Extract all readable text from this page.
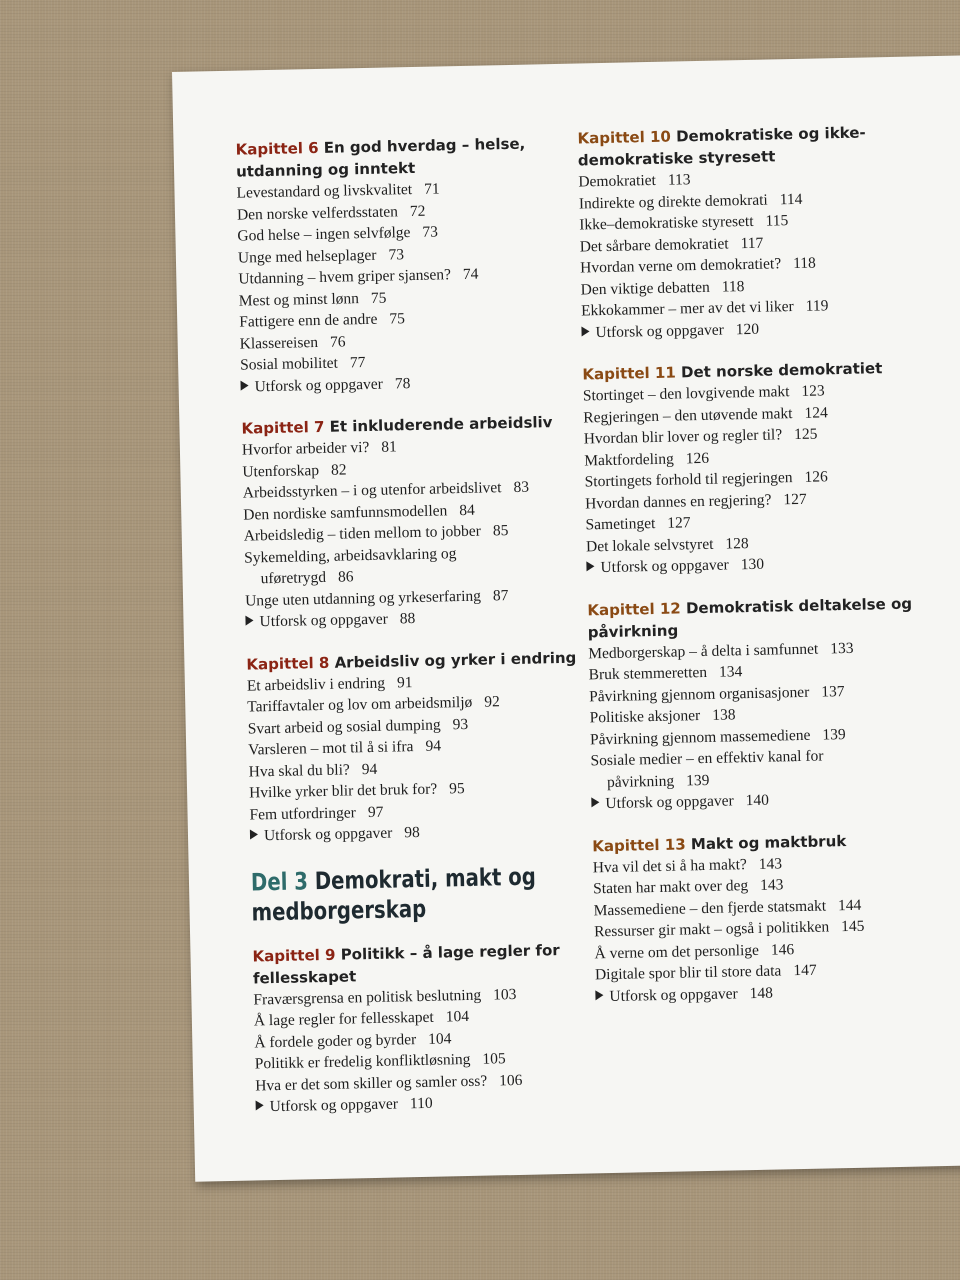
Kapittel 6 En god hverdag – helse, utdanning og inntekt

Levestandard og livskvalitet 71

Den norske velferdsstaten 72

God helse – ingen selvfølge 73

Unge med helseplager 73

Utdanning – hvem griper sjansen? 74

Mest og minst lønn 75

Fattigere enn de andre 75

Klassereisen 76

Sosial mobilitet 77

Utforsk og oppgaver 78

Kapittel 7 Et inkluderende arbeidsliv

Hvorfor arbeider vi? 81

Utenforskap 82

Arbeidsstyrken – i og utenfor arbeidslivet 83

Den nordiske samfunnsmodellen 84

Arbeidsledig – tiden mellom to jobber 85

Sykemelding, arbeidsavklaring og

uføretrygd 86

Unge uten utdanning og yrkeserfaring 87

Utforsk og oppgaver 88

Kapittel 8 Arbeidsliv og yrker i endring

Et arbeidsliv i endring 91

Tariffavtaler og lov om arbeidsmiljø 92

Svart arbeid og sosial dumping 93

Varsleren – mot til å si ifra 94

Hva skal du bli? 94

Hvilke yrker blir det bruk for? 95

Fem utfordringer 97

Utforsk og oppgaver 98

Del 3 Demokrati, makt og medborgerskap

Kapittel 9 Politikk – å lage regler for fellesskapet

Fraværsgrensa en politisk beslutning 103

Å lage regler for fellesskapet 104

Å fordele goder og byrder 104

Politikk er fredelig konfliktløsning 105

Hva er det som skiller og samler oss? 106

Utforsk og oppgaver 110

Kapittel 10 Demokratiske og ikke-demokratiske styresett

Demokratiet 113

Indirekte og direkte demokrati 114

Ikke–demokratiske styresett 115

Det sårbare demokratiet 117

Hvordan verne om demokratiet? 118

Den viktige debatten 118

Ekkokammer – mer av det vi liker 119

Utforsk og oppgaver 120

Kapittel 11 Det norske demokratiet

Stortinget – den lovgivende makt 123

Regjeringen – den utøvende makt 124

Hvordan blir lover og regler til? 125

Maktfordeling 126

Stortingets forhold til regjeringen 126

Hvordan dannes en regjering? 127

Sametinget 127

Det lokale selvstyret 128

Utforsk og oppgaver 130

Kapittel 12 Demokratisk deltakelse og påvirkning

Medborgerskap – å delta i samfunnet 133

Bruk stemmeretten 134

Påvirkning gjennom organisasjoner 137

Politiske aksjoner 138

Påvirkning gjennom massemediene 139

Sosiale medier – en effektiv kanal for

påvirkning 139

Utforsk og oppgaver 140

Kapittel 13 Makt og maktbruk

Hva vil det si å ha makt? 143

Staten har makt over deg 143

Massemediene – den fjerde statsmakt 144

Ressurser gir makt – også i politikken 145

Å verne om det personlige 146

Digitale spor blir til store data 147

Utforsk og oppgaver 148
